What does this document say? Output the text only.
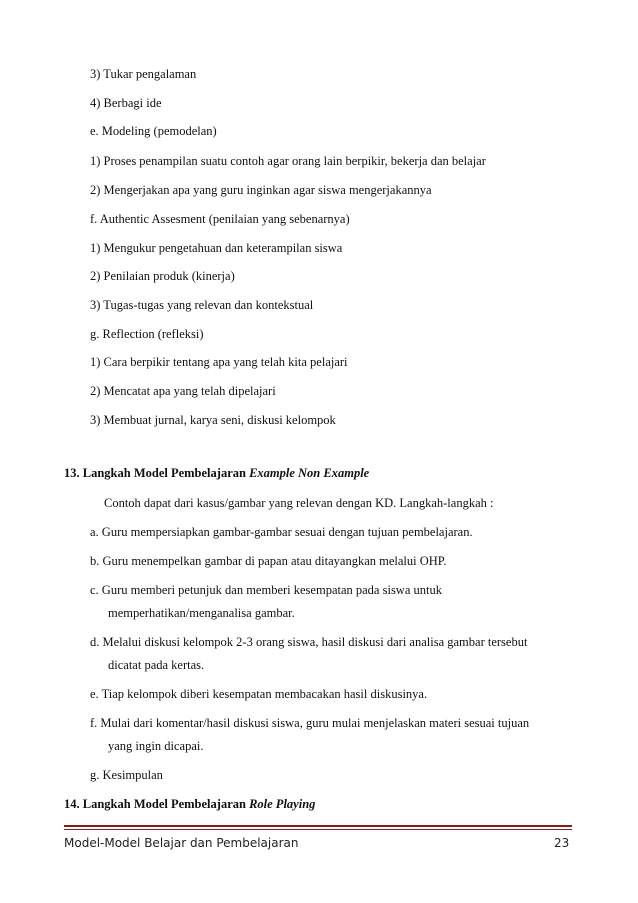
3) Tukar pengalaman
4) Berbagi ide
e. Modeling (pemodelan)
1) Proses penampilan suatu contoh agar orang lain berpikir, bekerja dan belajar
2) Mengerjakan apa yang guru inginkan agar siswa mengerjakannya
f. Authentic Assesment (penilaian yang sebenarnya)
1) Mengukur pengetahuan dan keterampilan siswa
2) Penilaian produk (kinerja)
3) Tugas-tugas yang relevan dan kontekstual
g. Reflection (refleksi)
1) Cara berpikir tentang apa yang telah kita pelajari
2) Mencatat apa yang telah dipelajari
3) Membuat jurnal, karya seni, diskusi kelompok
13. Langkah Model Pembelajaran Example Non Example
Contoh dapat dari kasus/gambar yang relevan dengan KD. Langkah-langkah :
a. Guru mempersiapkan gambar-gambar sesuai dengan tujuan pembelajaran.
b. Guru menempelkan gambar di papan atau ditayangkan melalui OHP.
c. Guru memberi petunjuk dan memberi kesempatan pada siswa untuk
memperhatikan/menganalisa gambar.
d. Melalui diskusi kelompok 2-3 orang siswa, hasil diskusi dari analisa gambar tersebut
dicatat pada kertas.
e. Tiap kelompok diberi kesempatan membacakan hasil diskusinya.
f. Mulai dari komentar/hasil diskusi siswa, guru mulai menjelaskan materi sesuai tujuan
yang ingin dicapai.
g. Kesimpulan
14. Langkah Model Pembelajaran Role Playing
Model-Model Belajar dan Pembelajaran	23
